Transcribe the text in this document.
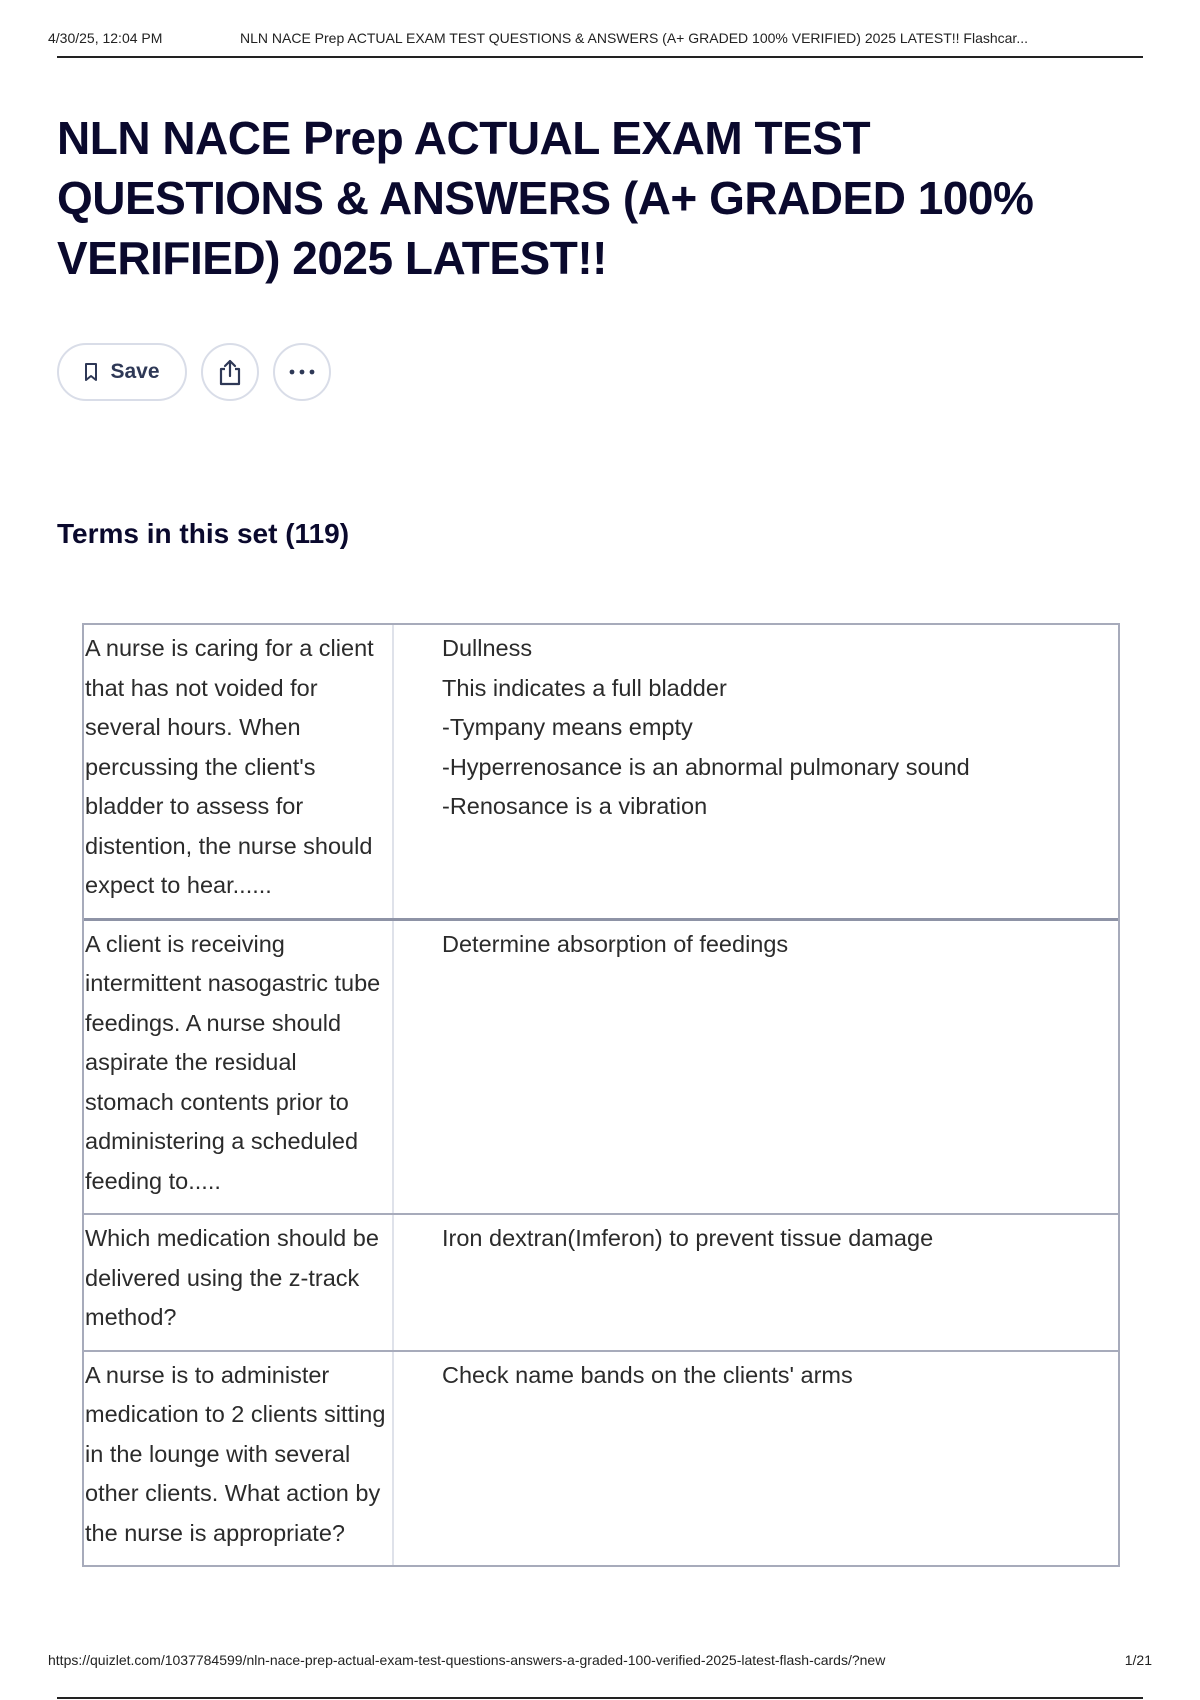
4/30/25, 12:04 PM	NLN NACE Prep ACTUAL EXAM TEST QUESTIONS & ANSWERS (A+ GRADED 100% VERIFIED) 2025 LATEST!! Flashcar...
NLN NACE Prep ACTUAL EXAM TEST QUESTIONS & ANSWERS (A+ GRADED 100% VERIFIED) 2025 LATEST!!
Save
Terms in this set (119)
A nurse is caring for a client that has not voided for several hours. When percussing the client's bladder to assess for distention, the nurse should expect to hear......
Dullness
This indicates a full bladder
-Tympany means empty
-Hyperrenosance is an abnormal pulmonary sound
-Renosance is a vibration
A client is receiving intermittent nasogastric tube feedings. A nurse should aspirate the residual stomach contents prior to administering a scheduled feeding to.....
Determine absorption of feedings
Which medication should be delivered using the z-track method?
Iron dextran(Imferon) to prevent tissue damage
A nurse is to administer medication to 2 clients sitting in the lounge with several other clients. What action by the nurse is appropriate?
Check name bands on the clients' arms
https://quizlet.com/1037784599/nln-nace-prep-actual-exam-test-questions-answers-a-graded-100-verified-2025-latest-flash-cards/?new	1/21
